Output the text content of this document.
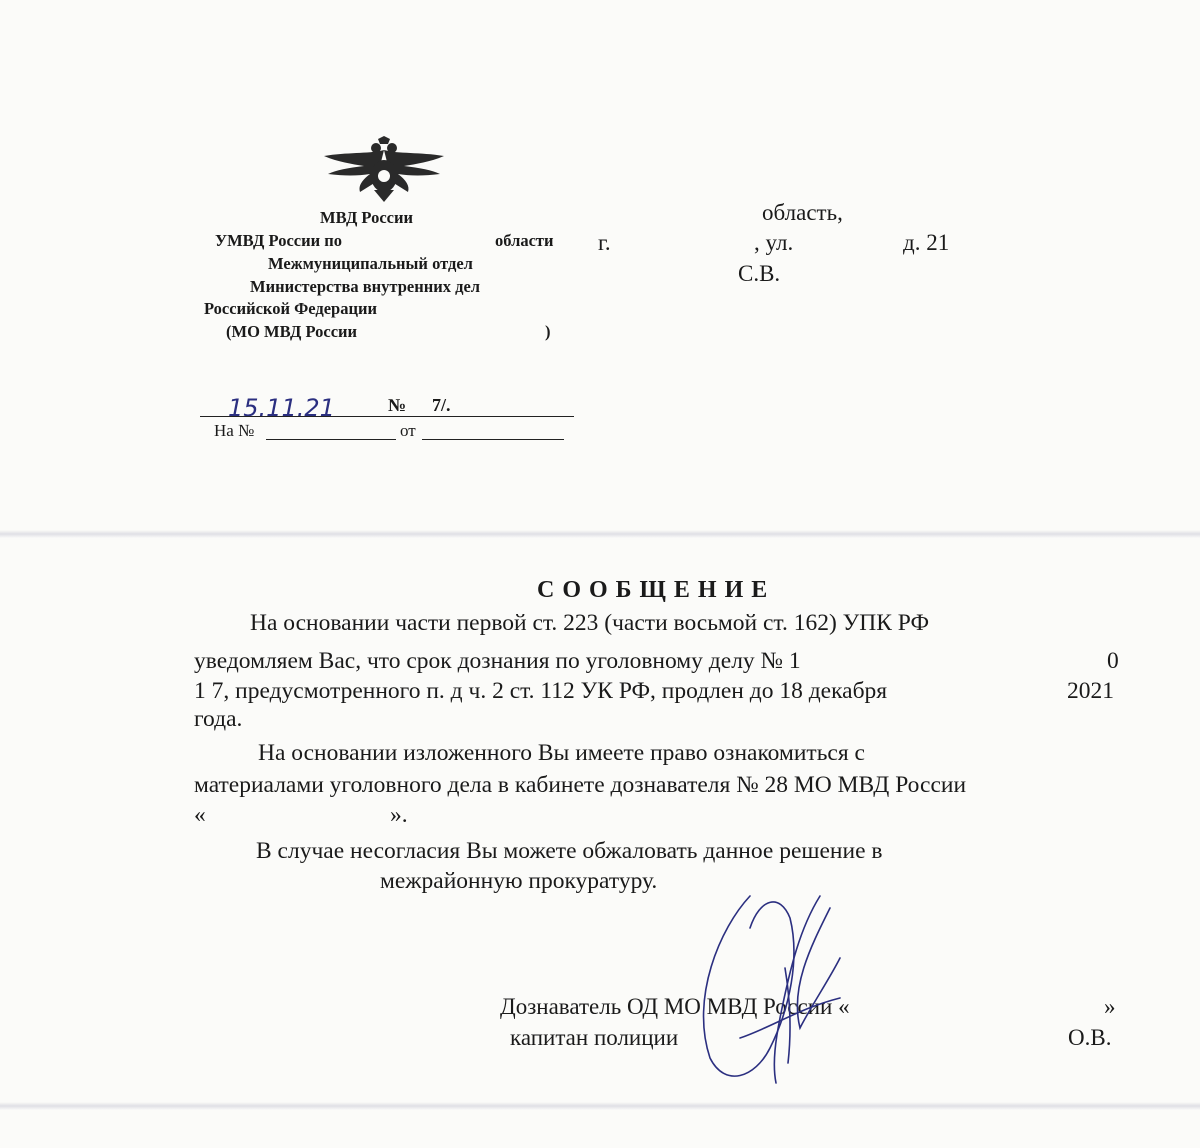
МВД России
УМВД России по	области
Межмуниципальный отдел
Министерства внутренних дел
Российской Федерации
(МО МВД России	)
область,
г.	, ул.	д. 21
С.В.
15.11.21	№ 7/.
На №	от
СООБЩЕНИЕ
На основании части первой ст. 223 (части восьмой ст. 162) УПК РФ
уведомляем Вас, что срок дознания по уголовному делу № 1	0
1 7, предусмотренного п. д ч. 2 ст. 112 УК РФ, продлен до 18 декабря	2021
года.
На основании изложенного Вы имеете право ознакомиться с
материалами уголовного дела в кабинете дознавателя № 28 МО МВД России
«	».
В случае несогласия Вы можете обжаловать данное решение в
межрайонную прокуратуру.
Дознаватель ОД МО МВД России «	»
капитан полиции	О.В.
